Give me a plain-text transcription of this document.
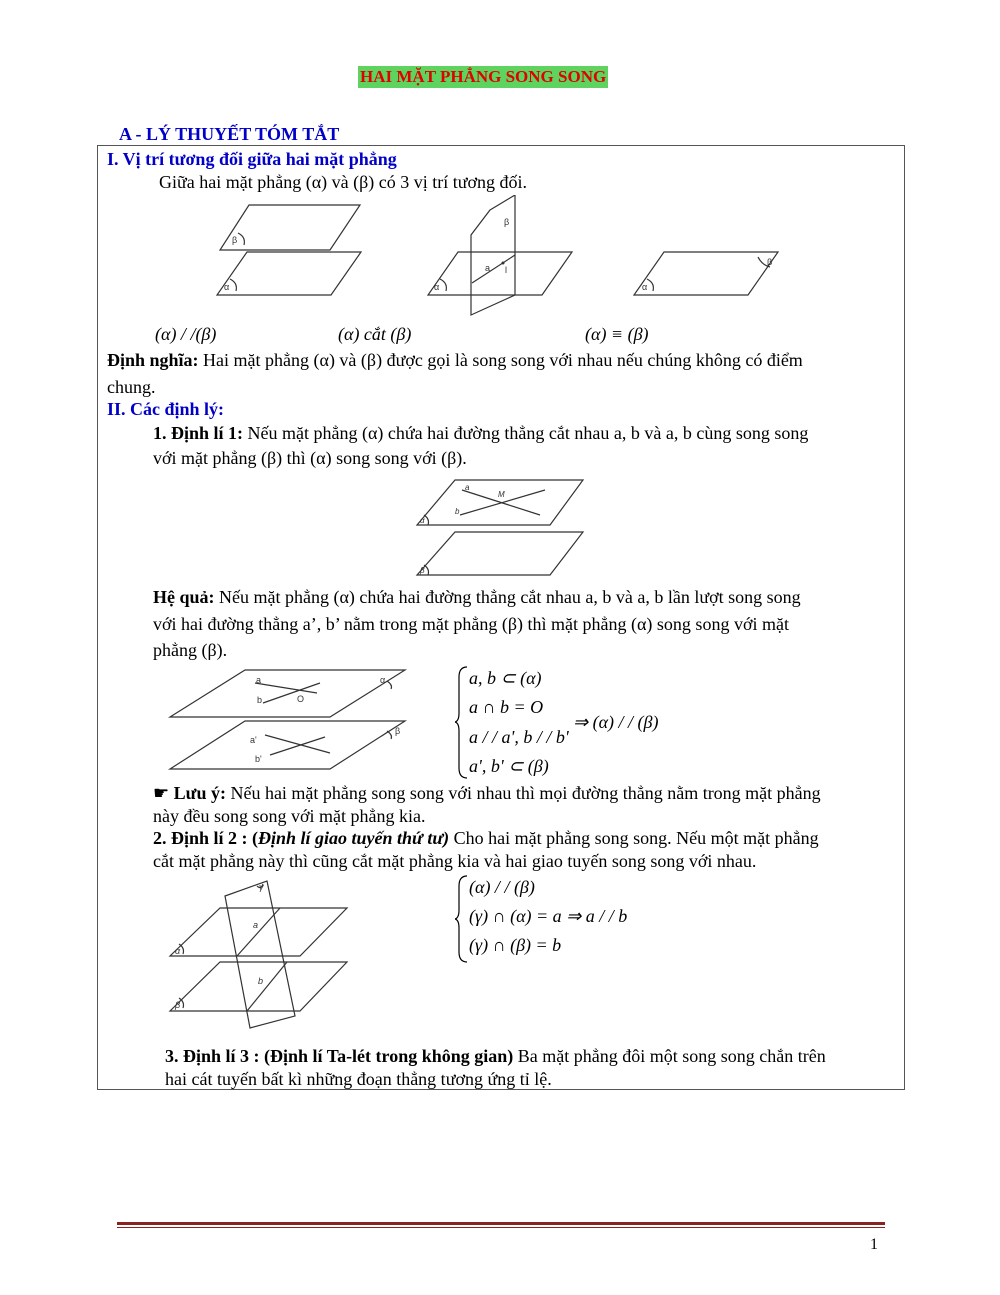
HAI MẶT PHẲNG SONG SONG
A - LÝ THUYẾT TÓM TẮT
I. Vị trí tương đối giữa hai mặt phẳng
Giữa hai mặt phẳng (α) và (β) có 3 vị trí tương đối.
β
α
β
a l
α
β
α
(α) / /(β)	(α) cắt (β)	(α) ≡ (β)
Định nghĩa: Hai mặt phẳng (α) và (β) được gọi là song song với nhau nếu chúng không có điểm
chung.
II. Các định lý:
1. Định lí 1: Nếu mặt phẳng (α) chứa hai đường thẳng cắt nhau a, b và a, b cùng song song
với mặt phẳng (β) thì (α) song song với (β).
a
M
b
α
β
Hệ quả: Nếu mặt phẳng (α) chứa hai đường thẳng cắt nhau a, b và a, b lần lượt song song
với hai đường thẳng a’, b’ nằm trong mặt phẳng (β) thì mặt phẳng (α) song song với mặt
phẳng (β).
a
b	O
α
a'
b'
β
a, b ⊂ (α)
a ∩ b = O
a / / a', b / / b'
a', b' ⊂ (β)
⇒ (α) / / (β)
☛ Lưu ý: Nếu hai mặt phẳng song song với nhau thì mọi đường thẳng nằm trong mặt phẳng
này đều song song với mặt phẳng kia.
2. Định lí 2 : (Định lí giao tuyến thứ tư) Cho hai mặt phẳng song song. Nếu một mặt phẳng
cắt mặt phẳng này thì cũng cắt mặt phẳng kia và hai giao tuyến song song với nhau.
a
b
α
β
γ	(α) / / (β)
(γ) ∩ (α) = a ⇒ a / / b
(γ) ∩ (β) = b
3. Định lí 3 : (Định lí Ta-lét trong không gian) Ba mặt phẳng đôi một song song chắn trên
hai cát tuyến bất kì những đoạn thẳng tương ứng tỉ lệ.
1
